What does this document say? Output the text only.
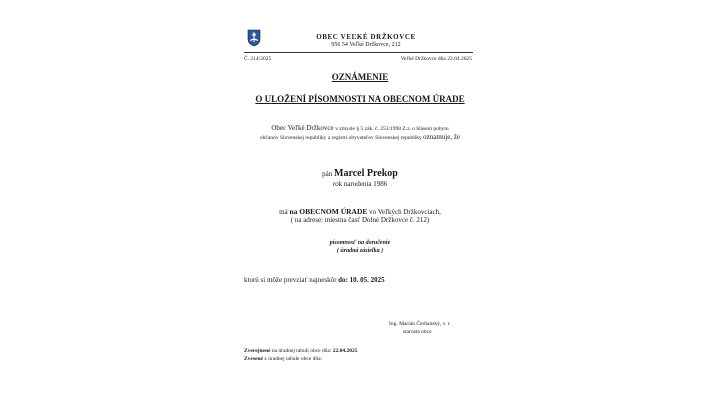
OBEC VEĽKÉ DRŽKOVCE
956 54 Veľké Držkovce, 212
Č. 214/2025	Veľké Držkovce dňa 22.04.2025
OZNÁMENIE
O ULOŽENÍ PÍSOMNOSTI NA OBECNOM ÚRADE
Obec Veľké Držkovce v zmysle § 5 zák. č. 253/1998 Z.z. o hlásení pobytu
občanov Slovenskej republiky a registri obyvateľov Slovenskej republiky oznamuje, že
pán Marcel Prekop
rok narodenia 1986
má na OBECNOM ÚRADE vo Veľkých Držkovciach,
( na adrese: miestna časť Dolné Držkovce č. 212)
písomnosť na doručenie
( úradná zásielka )
ktorú si môže prevziať najneskôr do: 10. 05. 2025
Ing. Marián Čerňanský, v. r.
starosta obce
Zverejnené na úradnej tabuli obce dňa: 22.04.2025
Zvesené z úradnej tabule obce dňa:
